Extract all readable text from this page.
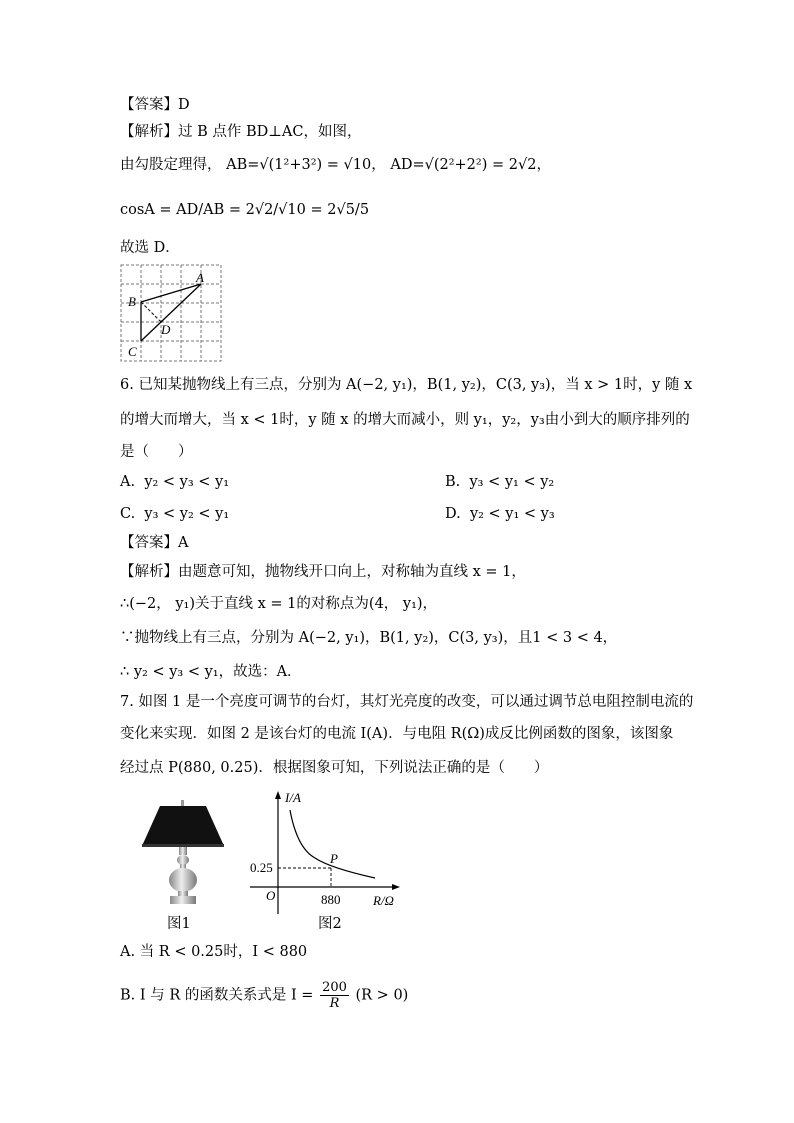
【答案】D
【解析】过 B 点作 BD⊥AC，如图，
由勾股定理得， AB=√(1²+3²) = √10， AD=√(2²+2²) = 2√2，
cosA = AD/AB = 2√2/√10 = 2√5/5
故选 D．
A
B
C
D
6. 已知某抛物线上有三点，分别为 A(−2, y₁)，B(1, y₂)，C(3, y₃)，当 x > 1时，y 随 x
的增大而增大，当 x < 1时，y 随 x 的增大而减小，则 y₁，y₂，y₃由小到大的顺序排列的
是（　　）
A. y₂ < y₃ < y₁	B. y₃ < y₁ < y₂
C. y₃ < y₂ < y₁	D. y₂ < y₁ < y₃
【答案】A
【解析】由题意可知，抛物线开口向上，对称轴为直线 x = 1，
∴(−2， y₁)关于直线 x = 1的对称点为(4， y₁)，
∵抛物线上有三点，分别为 A(−2, y₁)，B(1, y₂)，C(3, y₃)，且1 < 3 < 4，
∴ y₂ < y₃ < y₁，故选：A．
7. 如图 1 是一个亮度可调节的台灯，其灯光亮度的改变，可以通过调节总电阻控制电流的
变化来实现．如图 2 是该台灯的电流 I(A)．与电阻 R(Ω)成反比例函数的图象，该图象
经过点 P(880, 0.25)．根据图象可知，下列说法正确的是（　　）
图1
I/A
R/Ω
O
0.25
880
P
图2
A. 当 R < 0.25时，I < 880
B. I 与 R 的函数关系式是 $I = \frac{200}{R} (R > 0)$
